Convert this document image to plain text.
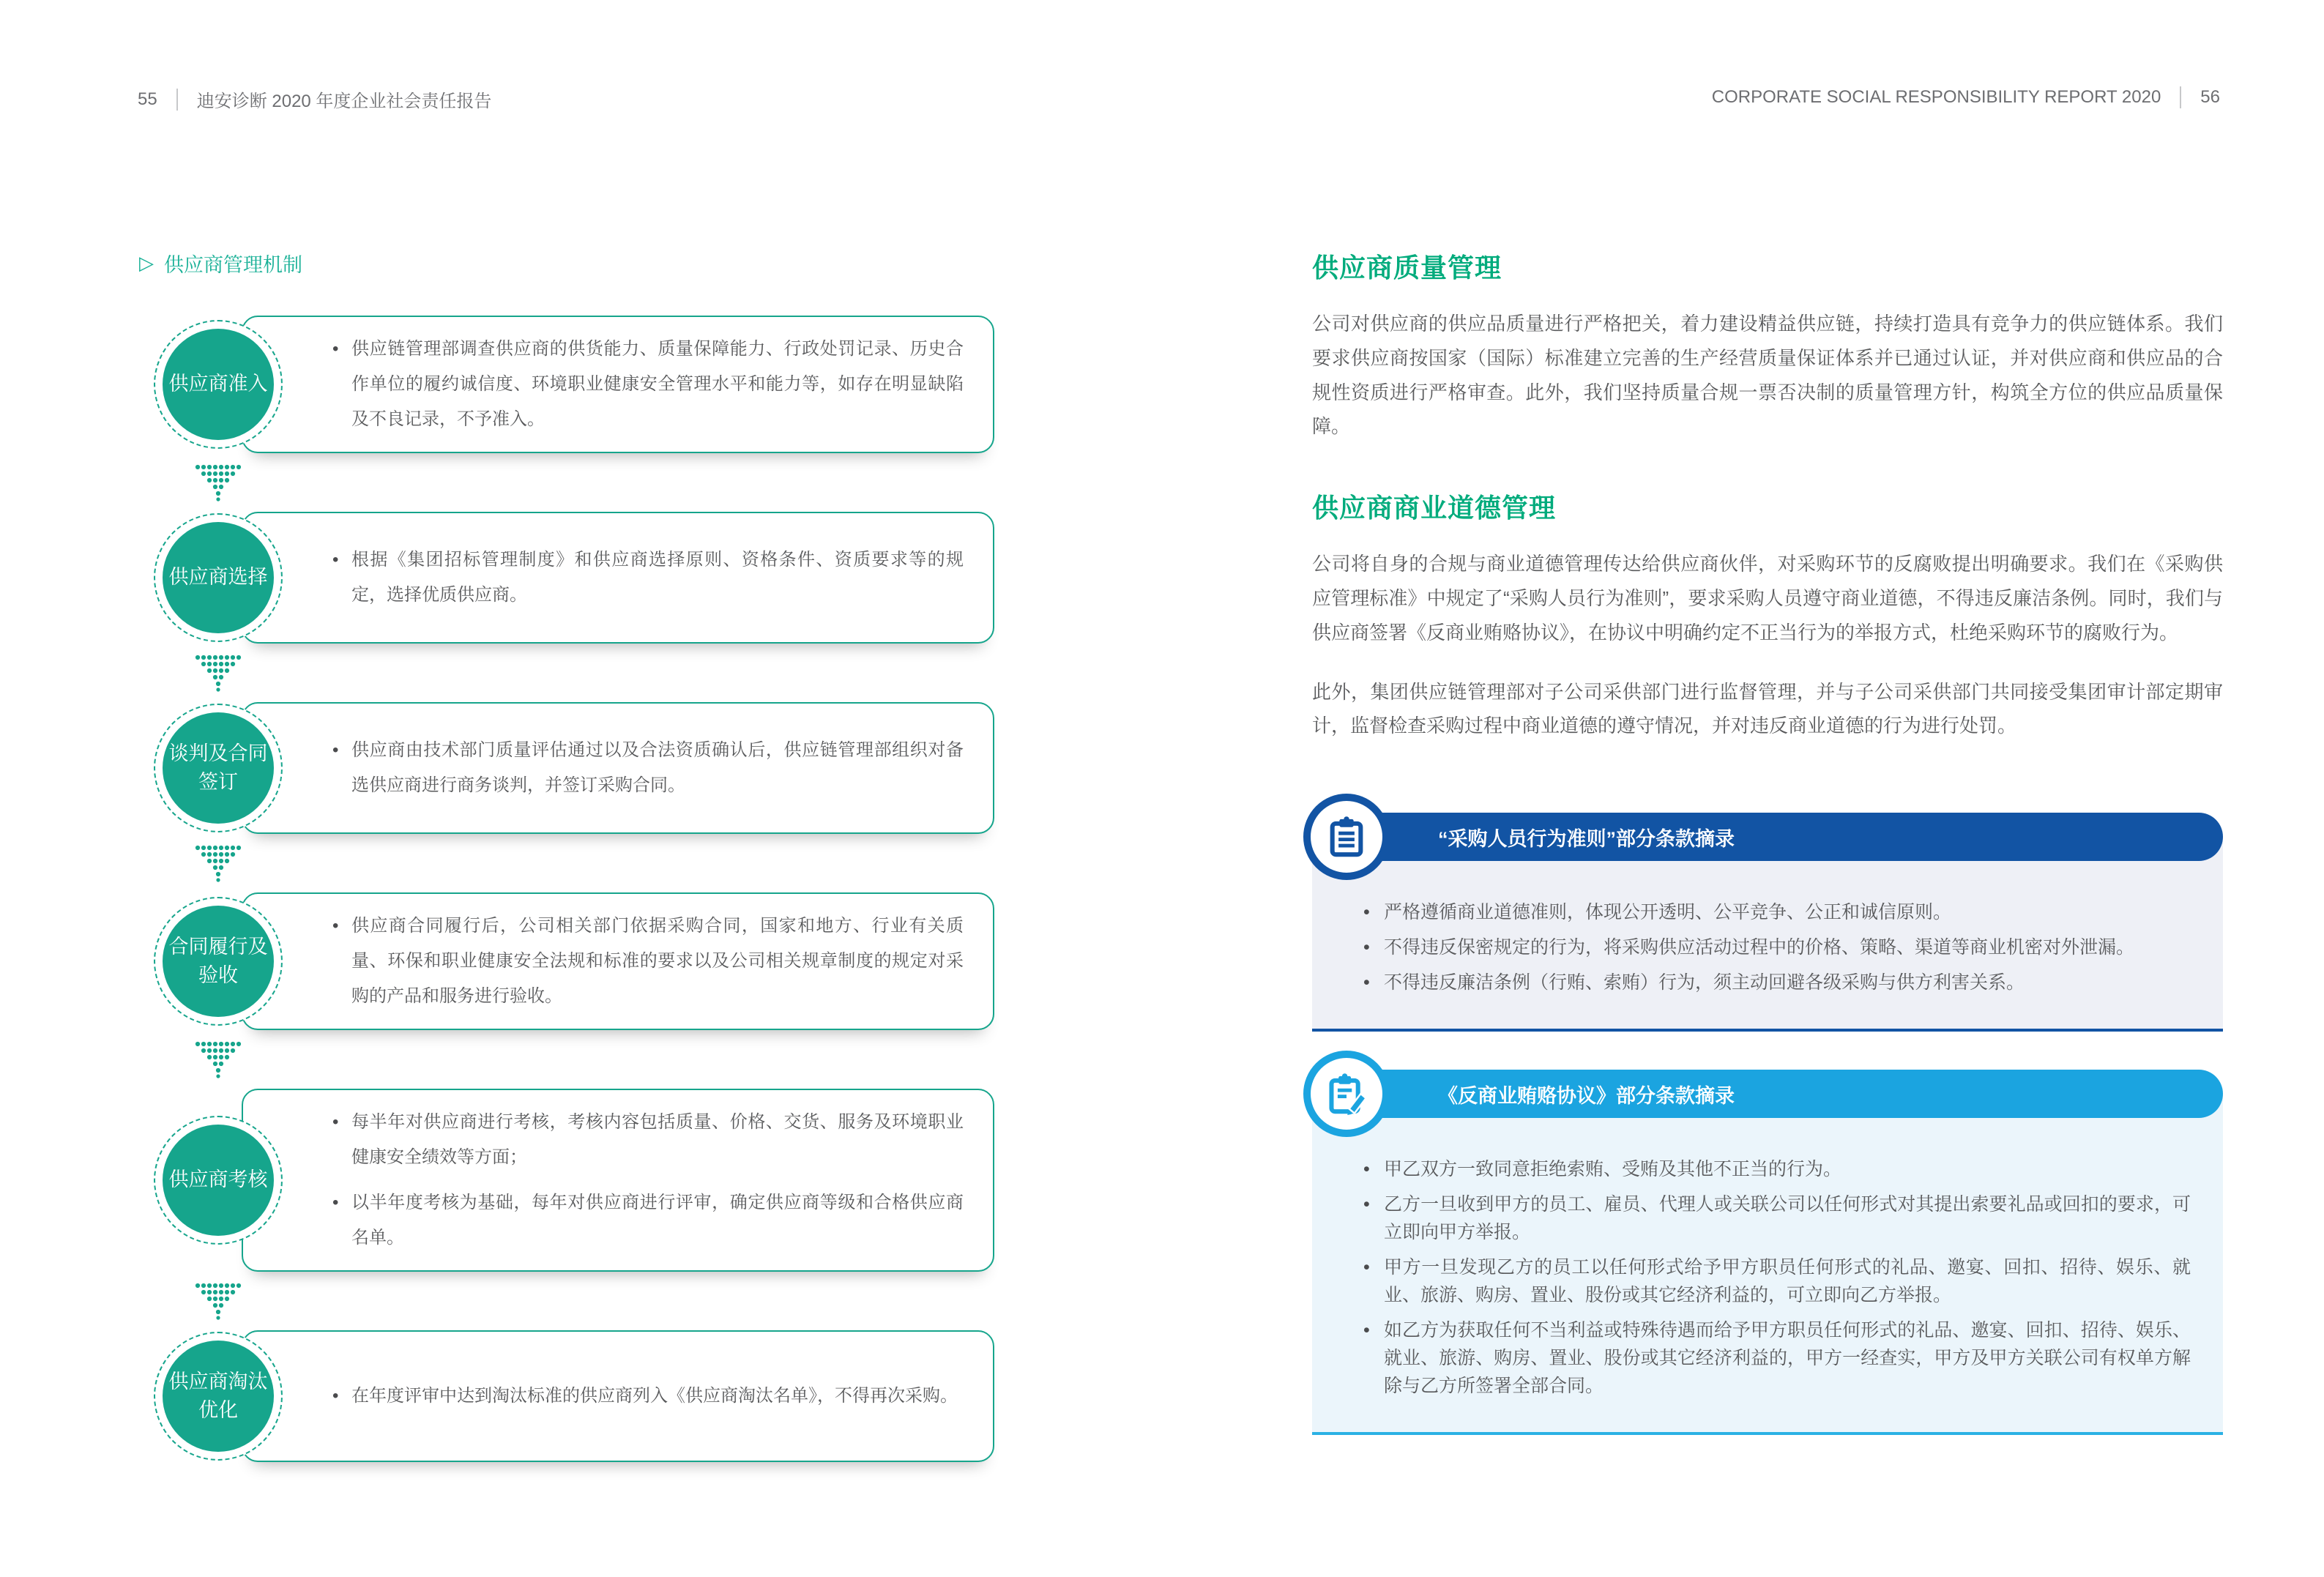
55 迪安诊断 2020 年度企业社会责任报告	CORPORATE SOCIAL RESPONSIBILITY REPORT 2020 56
▷ 供应商管理机制
供应商准入
• 供应链管理部调查供应商的供货能力、质量保障能力、行政处罚记录、历史合作单位的履约诚信度、环境职业健康安全管理水平和能力等，如存在明显缺陷及不良记录，不予准入。
供应商选择
• 根据《集团招标管理制度》和供应商选择原则、资格条件、资质要求等的规定，选择优质供应商。
谈判及合同签订
• 供应商由技术部门质量评估通过以及合法资质确认后，供应链管理部组织对备选供应商进行商务谈判，并签订采购合同。
合同履行及验收
• 供应商合同履行后，公司相关部门依据采购合同，国家和地方、行业有关质量、环保和职业健康安全法规和标准的要求以及公司相关规章制度的规定对采购的产品和服务进行验收。
供应商考核
• 每半年对供应商进行考核，考核内容包括质量、价格、交货、服务及环境职业健康安全绩效等方面；
• 以半年度考核为基础，每年对供应商进行评审，确定供应商等级和合格供应商名单。
供应商淘汰优化
• 在年度评审中达到淘汰标准的供应商列入《供应商淘汰名单》，不得再次采购。
供应商质量管理

公司对供应商的供应品质量进行严格把关，着力建设精益供应链，持续打造具有竞争力的供应链体系。我们要求供应商按国家（国际）标准建立完善的生产经营质量保证体系并已通过认证，并对供应商和供应品的合规性资质进行严格审查。此外，我们坚持质量合规一票否决制的质量管理方针，构筑全方位的供应品质量保障。

供应商商业道德管理

公司将自身的合规与商业道德管理传达给供应商伙伴，对采购环节的反腐败提出明确要求。我们在《采购供应管理标准》中规定了“采购人员行为准则”，要求采购人员遵守商业道德，不得违反廉洁条例。同时，我们与供应商签署《反商业贿赂协议》，在协议中明确约定不正当行为的举报方式，杜绝采购环节的腐败行为。

此外，集团供应链管理部对子公司采供部门进行监督管理，并与子公司采供部门共同接受集团审计部定期审计，监督检查采购过程中商业道德的遵守情况，并对违反商业道德的行为进行处罚。

“采购人员行为准则”部分条款摘录
• 严格遵循商业道德准则，体现公开透明、公平竞争、公正和诚信原则。
• 不得违反保密规定的行为，将采购供应活动过程中的价格、策略、渠道等商业机密对外泄漏。
• 不得违反廉洁条例（行贿、索贿）行为，须主动回避各级采购与供方利害关系。
《反商业贿赂协议》部分条款摘录
• 甲乙双方一致同意拒绝索贿、受贿及其他不正当的行为。
• 乙方一旦收到甲方的员工、雇员、代理人或关联公司以任何形式对其提出索要礼品或回扣的要求，可立即向甲方举报。
• 甲方一旦发现乙方的员工以任何形式给予甲方职员任何形式的礼品、邀宴、回扣、招待、娱乐、就业、旅游、购房、置业、股份或其它经济利益的，可立即向乙方举报。
• 如乙方为获取任何不当利益或特殊待遇而给予甲方职员任何形式的礼品、邀宴、回扣、招待、娱乐、就业、旅游、购房、置业、股份或其它经济利益的，甲方一经查实，甲方及甲方关联公司有权单方解除与乙方所签署全部合同。
